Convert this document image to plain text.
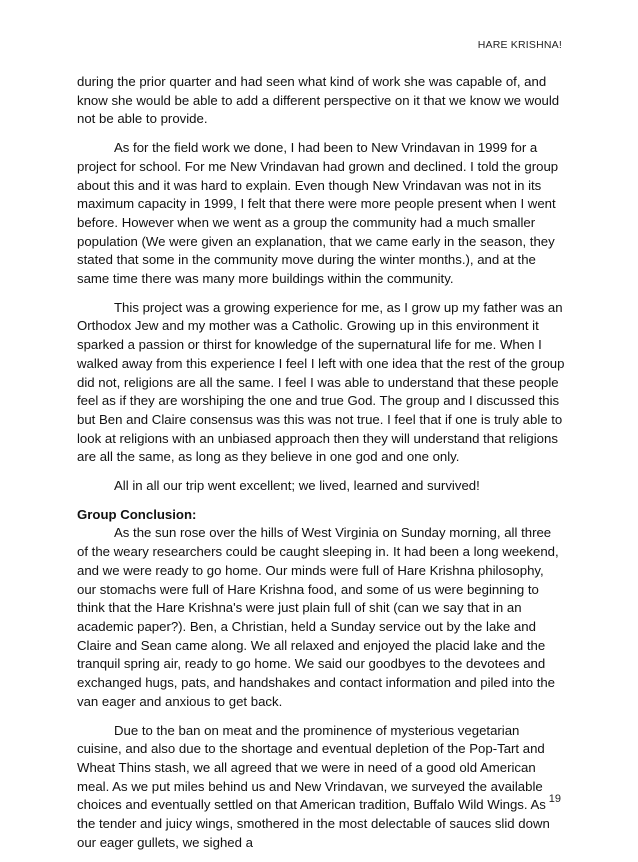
HARE KRISHNA!

during the prior quarter and had seen what kind of work she was capable of, and know she would be able to add a different perspective on it that we know we would not be able to provide.

As for the field work we done, I had been to New Vrindavan in 1999 for a project for school. For me New Vrindavan had grown and declined. I told the group about this and it was hard to explain. Even though New Vrindavan was not in its maximum capacity in 1999, I felt that there were more people present when I went before. However when we went as a group the community had a much smaller population (We were given an explanation, that we came early in the season, they stated that some in the community move during the winter months.), and at the same time there was many more buildings within the community.

This project was a growing experience for me, as I grow up my father was an Orthodox Jew and my mother was a Catholic. Growing up in this environment it sparked a passion or thirst for knowledge of the supernatural life for me. When I walked away from this experience I feel I left with one idea that the rest of the group did not, religions are all the same. I feel I was able to understand that these people feel as if they are worshiping the one and true God. The group and I discussed this but Ben and Claire consensus was this was not true. I feel that if one is truly able to look at religions with an unbiased approach then they will understand that religions are all the same, as long as they believe in one god and one only.

All in all our trip went excellent; we lived, learned and survived!

Group Conclusion:

As the sun rose over the hills of West Virginia on Sunday morning, all three of the weary researchers could be caught sleeping in. It had been a long weekend, and we were ready to go home. Our minds were full of Hare Krishna philosophy, our stomachs were full of Hare Krishna food, and some of us were beginning to think that the Hare Krishna's were just plain full of shit (can we say that in an academic paper?). Ben, a Christian, held a Sunday service out by the lake and Claire and Sean came along. We all relaxed and enjoyed the placid lake and the tranquil spring air, ready to go home. We said our goodbyes to the devotees and exchanged hugs, pats, and handshakes and contact information and piled into the van eager and anxious to get back.

Due to the ban on meat and the prominence of mysterious vegetarian cuisine, and also due to the shortage and eventual depletion of the Pop-Tart and Wheat Thins stash, we all agreed that we were in need of a good old American meal. As we put miles behind us and New Vrindavan, we surveyed the available choices and eventually settled on that American tradition, Buffalo Wild Wings. As the tender and juicy wings, smothered in the most delectable of sauces slid down our eager gullets, we sighed a

19
